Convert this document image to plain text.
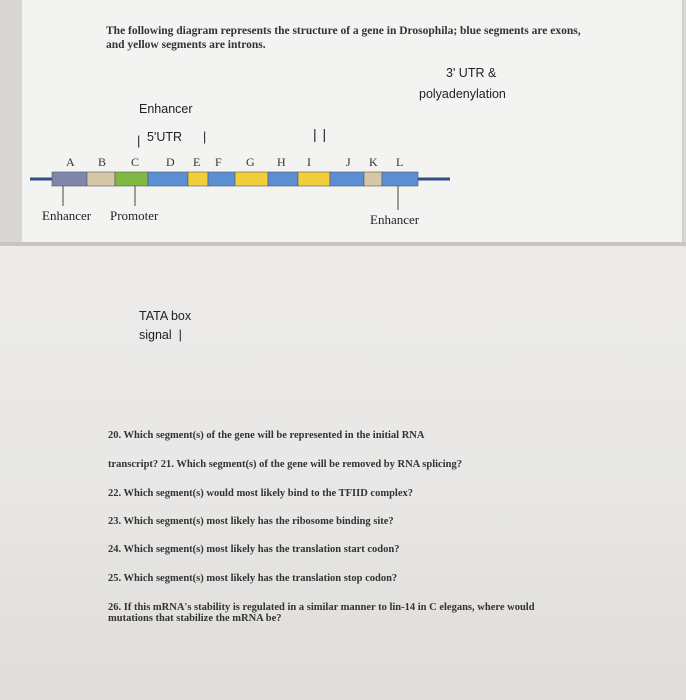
The following diagram represents the structure of a gene in Drosophila; blue segments are exons,
and yellow segments are introns.
3' UTR &
polyadenylation
Enhancer
| 5'UTR |	| |
A B C D E F G H I	J K L
Enhancer Promoter	Enhancer
TATA box
signal |
20. Which segment(s) of the gene will be represented in the initial RNA
transcript? 21. Which segment(s) of the gene will be removed by RNA splicing?
22. Which segment(s) would most likely bind to the TFIID complex?
23. Which segment(s) most likely has the ribosome binding site?
24. Which segment(s) most likely has the translation start codon?
25. Which segment(s) most likely has the translation stop codon?
26. If this mRNA's stability is regulated in a similar manner to lin-14 in C elegans, where would
mutations that stabilize the mRNA be?
